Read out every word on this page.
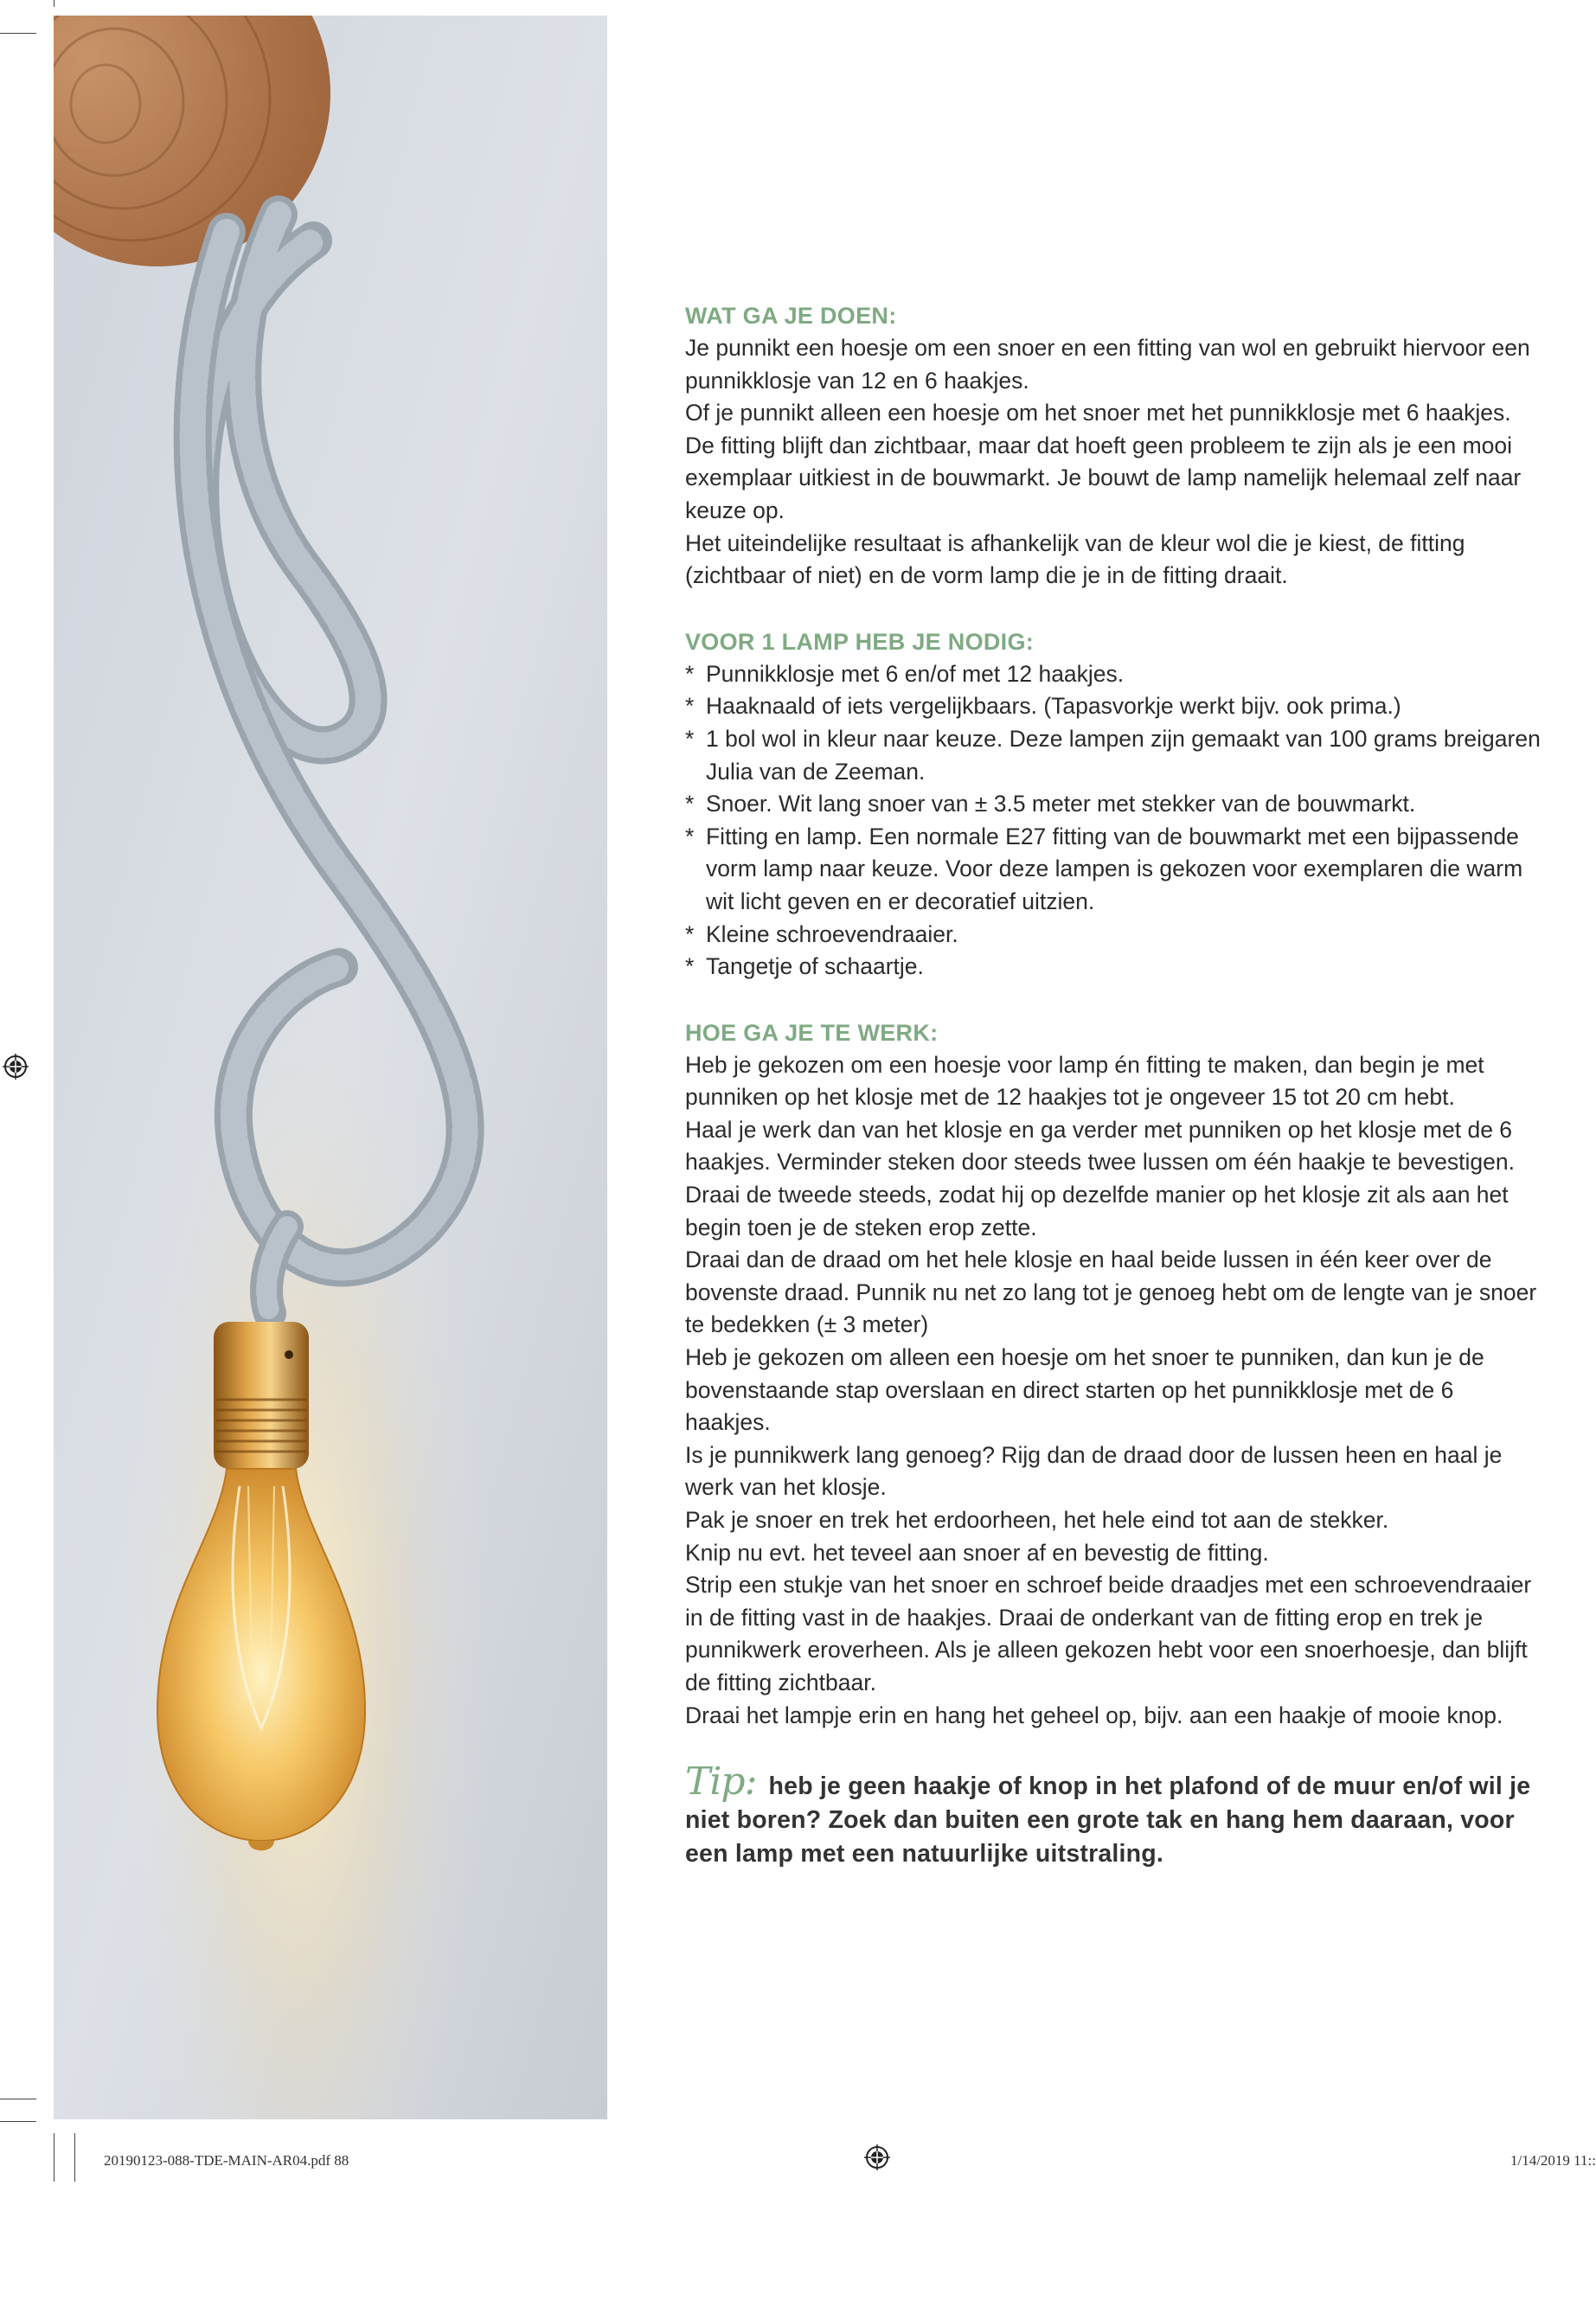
WAT GA JE DOEN:

Je punnikt een hoesje om een snoer en een fitting van wol en gebruikt hiervoor een punnikklosje van 12 en 6 haakjes.

Of je punnikt alleen een hoesje om het snoer met het punnikklosje met 6 haakjes.

De fitting blijft dan zichtbaar, maar dat hoeft geen probleem te zijn als je een mooi exemplaar uitkiest in de bouwmarkt. Je bouwt de lamp namelijk helemaal zelf naar keuze op.

Het uiteindelijke resultaat is afhankelijk van de kleur wol die je kiest, de fitting (zichtbaar of niet) en de vorm lamp die je in de fitting draait.

VOOR 1 LAMP HEB JE NODIG:
* Punnikklosje met 6 en/of met 12 haakjes.
* Haaknaald of iets vergelijkbaars. (Tapasvorkje werkt bijv. ook prima.)
* 1 bol wol in kleur naar keuze. Deze lampen zijn gemaakt van 100 grams breigaren Julia van de Zeeman.
* Snoer. Wit lang snoer van ± 3.5 meter met stekker van de bouwmarkt.
* Fitting en lamp. Een normale E27 fitting van de bouwmarkt met een bijpassende vorm lamp naar keuze. Voor deze lampen is gekozen voor exemplaren die warm wit licht geven en er decoratief uitzien.
* Kleine schroevendraaier.
* Tangetje of schaartje.
HOE GA JE TE WERK:

Heb je gekozen om een hoesje voor lamp én fitting te maken, dan begin je met punniken op het klosje met de 12 haakjes tot je ongeveer 15 tot 20 cm hebt.

Haal je werk dan van het klosje en ga verder met punniken op het klosje met de 6 haakjes. Verminder steken door steeds twee lussen om één haakje te bevestigen. Draai de tweede steeds, zodat hij op dezelfde manier op het klosje zit als aan het begin toen je de steken erop zette.

Draai dan de draad om het hele klosje en haal beide lussen in één keer over de bovenste draad. Punnik nu net zo lang tot je genoeg hebt om de lengte van je snoer te bedekken (± 3 meter)

Heb je gekozen om alleen een hoesje om het snoer te punniken, dan kun je de bovenstaande stap overslaan en direct starten op het punnikklosje met de 6 haakjes.

Is je punnikwerk lang genoeg? Rijg dan de draad door de lussen heen en haal je werk van het klosje.

Pak je snoer en trek het erdoorheen, het hele eind tot aan de stekker.

Knip nu evt. het teveel aan snoer af en bevestig de fitting.

Strip een stukje van het snoer en schroef beide draadjes met een schroevendraaier in de fitting vast in de haakjes. Draai de onderkant van de fitting erop en trek je punnikwerk eroverheen. Als je alleen gekozen hebt voor een snoerhoesje, dan blijft de fitting zichtbaar.

Draai het lampje erin en hang het geheel op, bijv. aan een haakje of mooie knop.

Tip: heb je geen haakje of knop in het plafond of de muur en/of wil je niet boren? Zoek dan buiten een grote tak en hang hem daaraan, voor een lamp met een natuurlijke uitstraling.

20190123-088-TDE-MAIN-AR04.pdf 88	1/14/2019 11::
